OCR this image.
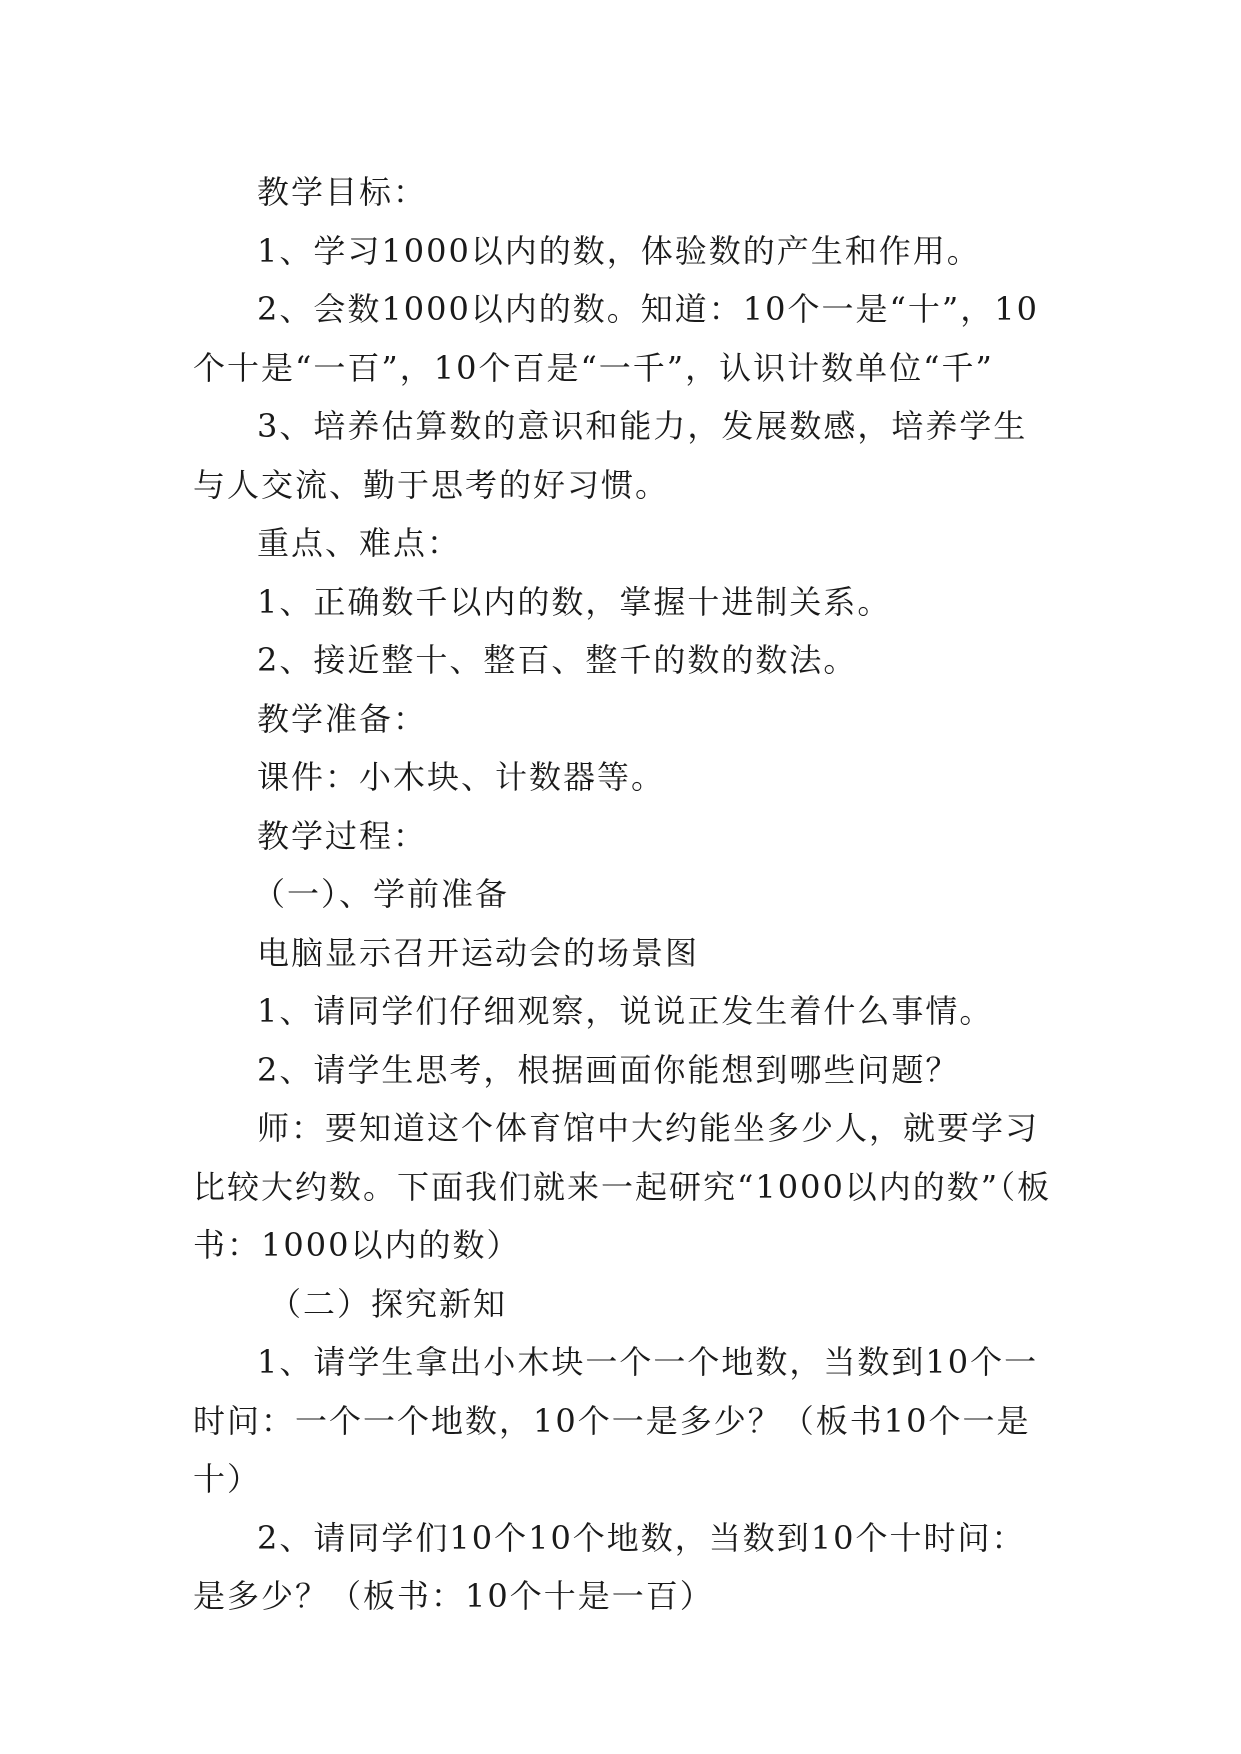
教学目标：

1、学习1000以内的数，体验数的产生和作用。

2、会数1000以内的数。知道：10个一是“十”，10个十是“一百”，10个百是“一千”，认识计数单位“千”

3、培养估算数的意识和能力，发展数感，培养学生与人交流、勤于思考的好习惯。

重点、难点：

1、正确数千以内的数，掌握十进制关系。

2、接近整十、整百、整千的数的数法。

教学准备：

课件：小木块、计数器等。

教学过程：

（一）、学前准备

电脑显示召开运动会的场景图

1、请同学们仔细观察，说说正发生着什么事情。

2、请学生思考，根据画面你能想到哪些问题？

师：要知道这个体育馆中大约能坐多少人，就要学习比较大约数。下面我们就来一起研究“1000以内的数”（板书：1000以内的数）

（二）探究新知

1、请学生拿出小木块一个一个地数，当数到10个一时问：一个一个地数，10个一是多少？（板书10个一是十）

2、请同学们10个10个地数，当数到10个十时问：是多少？（板书：10个十是一百）
